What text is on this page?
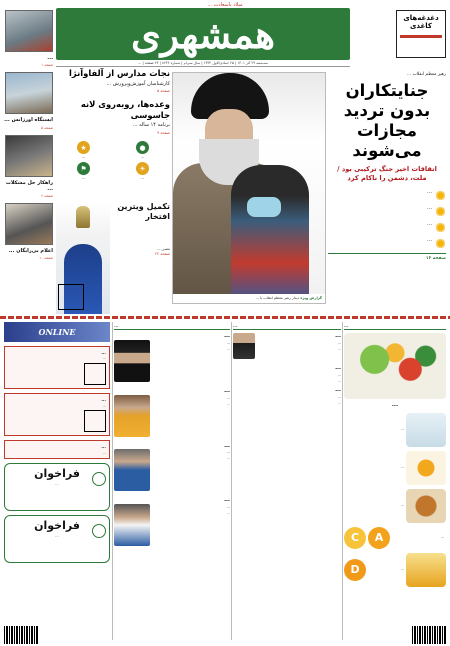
میلاد باسعادت ...
همشهری
سه‌شنبه ۲۹ آذر ۱۴۰۱ | ۲۵ جمادی‌الاول ۱۴۴۴ | سال سی‌ام | شماره ۸۶۳۶ | ۲۴ صفحه | ...
دغدغه‌های کاغذی
...
صفحه ۱
ایستگاه اورژانس ...
صفحه ۵
راهکار حل مشکلات ...
صفحه ۶
اعلام بی‌رایگان ...
صفحه ۱۰
نجات مدارس از آلفاوآنژا
کارشناسان آموزش‌وپرورش ...
صفحه ۵
وعده‌ها، روبه‌روی لانه جاسوسی
برنامه ۱۴ ساله ...
صفحه ۹
●
...
★
...
☀
...
⚑
...
تکمیل ویترین افتخار
مسی ...
صفحه ۲۴
گزارش ویژه دیدار رهبر معظم انقلاب با ...
رهبر معظم انقلاب ...
جنایتکاران بدون تردید مجازات می‌شوند
اتفاقات اخیر جنگ ترکیبی بود / ملت، دشمن را ناکام کرد
...
...
...
...
صفحه ۱۶
ONLINE
...
...
...
...
...
...
فراخوان
...
فراخوان
...
...
...
...
...
...
...
...
...
...
...
...
...
...
...
...
...
...
...
...
...
...
...
...
...
...
...
...
...
...
A
C
...
D
